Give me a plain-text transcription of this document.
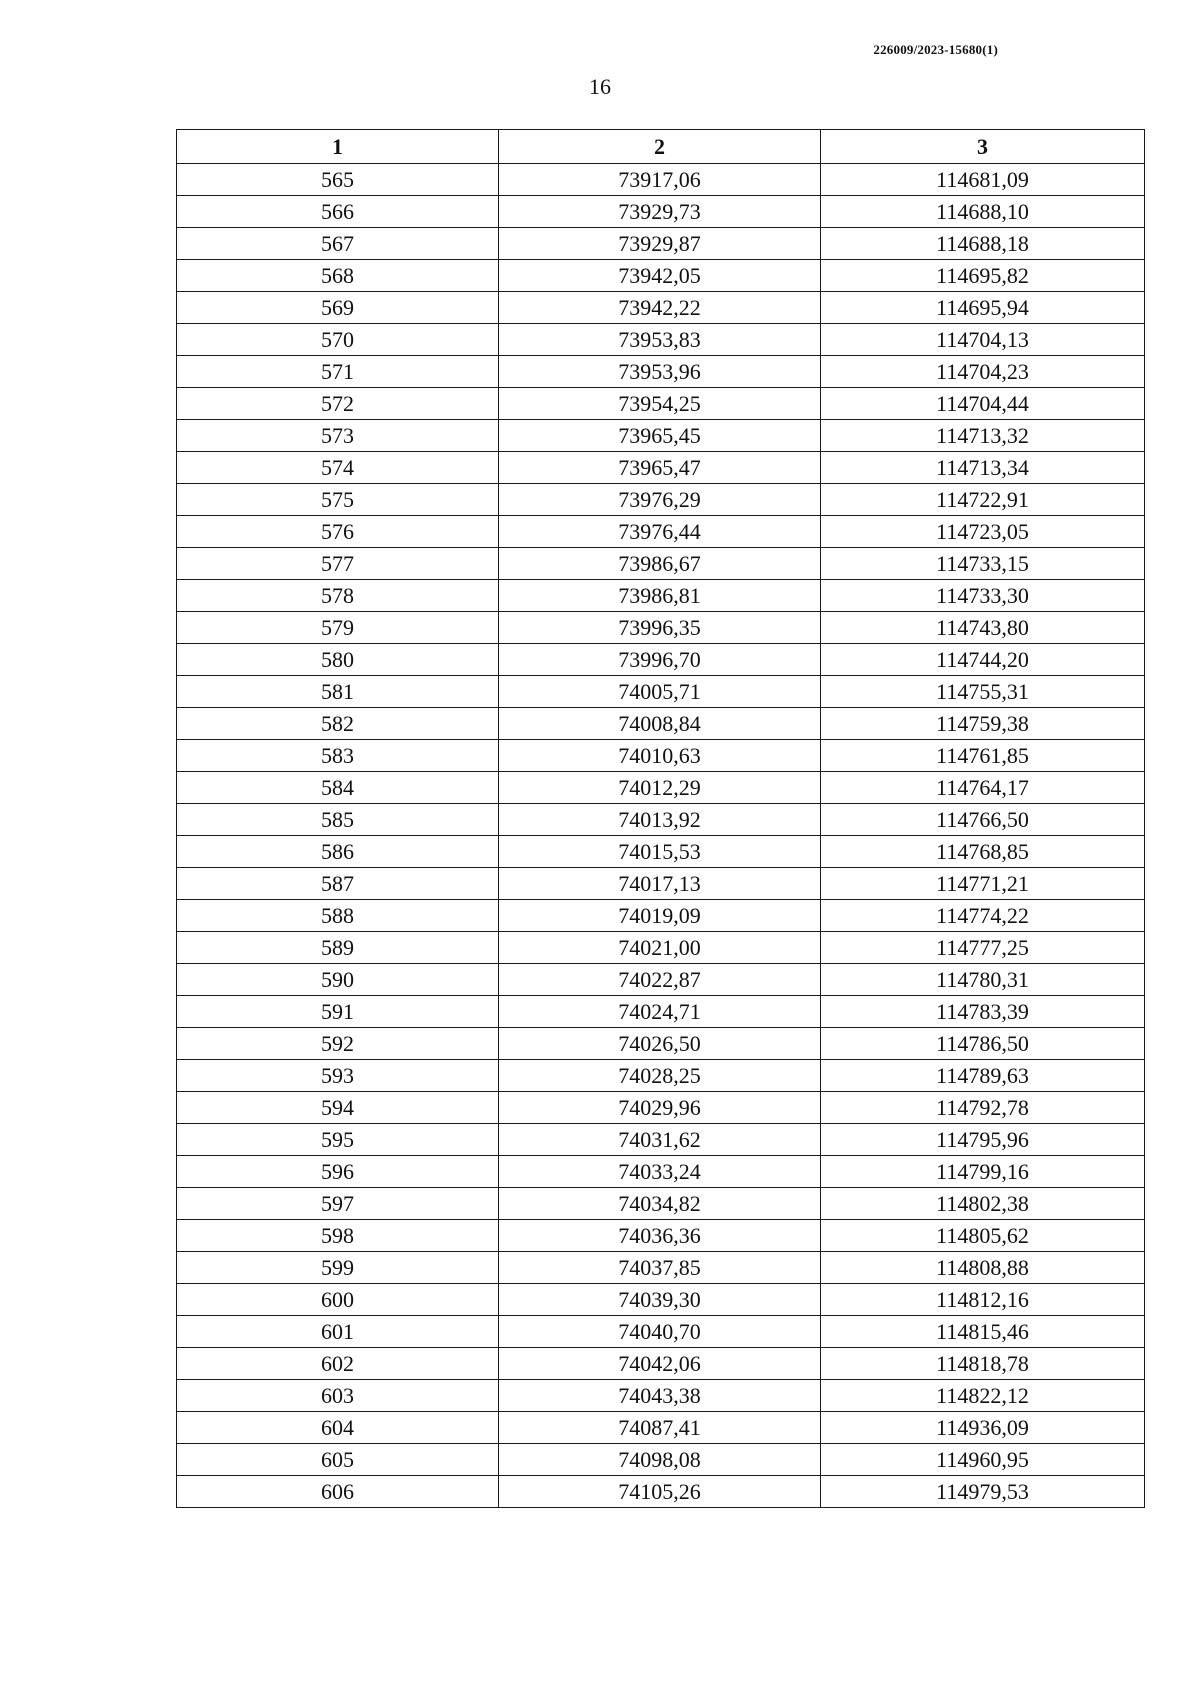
226009/2023-15680(1)
16
1	2	3
565	73917,06	114681,09
566	73929,73	114688,10
567	73929,87	114688,18
568	73942,05	114695,82
569	73942,22	114695,94
570	73953,83	114704,13
571	73953,96	114704,23
572	73954,25	114704,44
573	73965,45	114713,32
574	73965,47	114713,34
575	73976,29	114722,91
576	73976,44	114723,05
577	73986,67	114733,15
578	73986,81	114733,30
579	73996,35	114743,80
580	73996,70	114744,20
581	74005,71	114755,31
582	74008,84	114759,38
583	74010,63	114761,85
584	74012,29	114764,17
585	74013,92	114766,50
586	74015,53	114768,85
587	74017,13	114771,21
588	74019,09	114774,22
589	74021,00	114777,25
590	74022,87	114780,31
591	74024,71	114783,39
592	74026,50	114786,50
593	74028,25	114789,63
594	74029,96	114792,78
595	74031,62	114795,96
596	74033,24	114799,16
597	74034,82	114802,38
598	74036,36	114805,62
599	74037,85	114808,88
600	74039,30	114812,16
601	74040,70	114815,46
602	74042,06	114818,78
603	74043,38	114822,12
604	74087,41	114936,09
605	74098,08	114960,95
606	74105,26	114979,53
